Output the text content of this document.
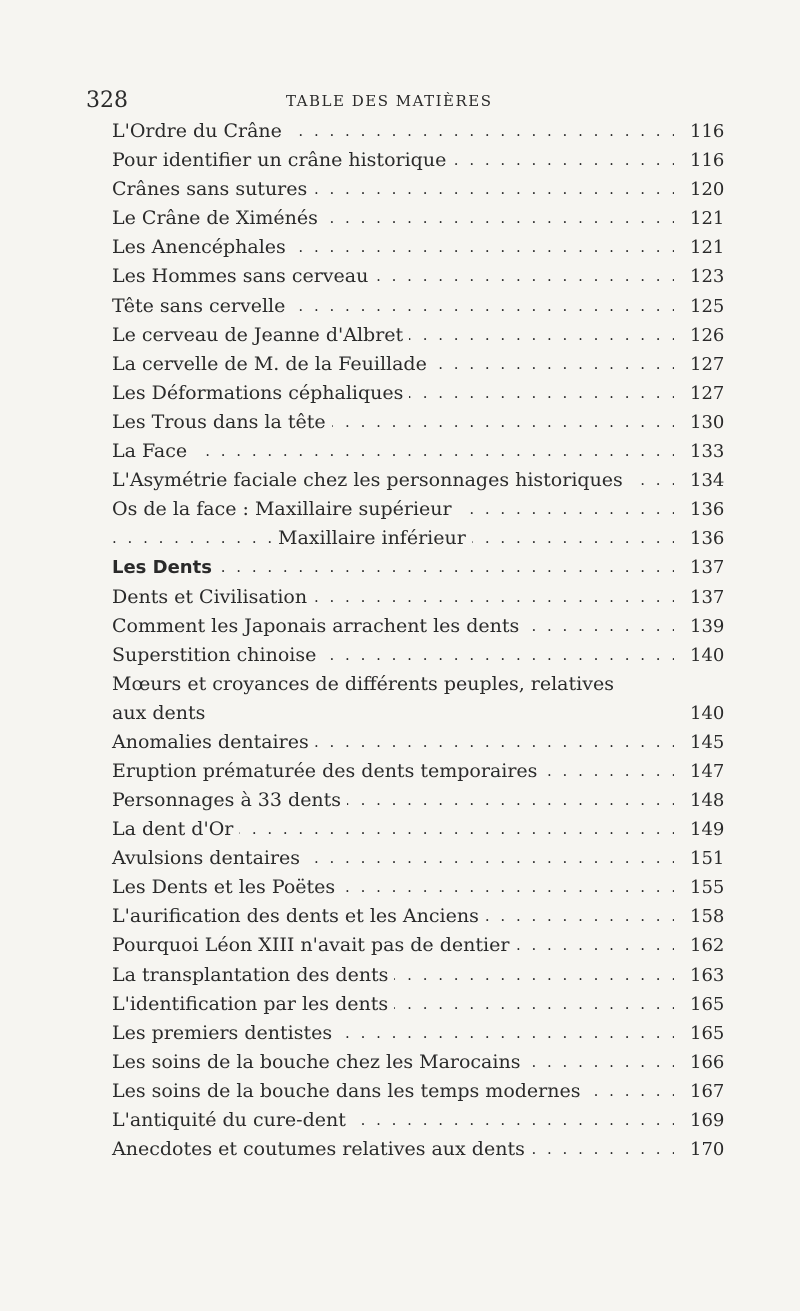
328	TABLE DES MATIÈRES
. . .
L'Ordre du Crâne	116
. . .
Pour identifier un crâne historique	116
. . .
Crânes sans sutures	120
. . .
Le Crâne de Ximénés	121
. . .
Les Anencéphales	121
. . .
Les Hommes sans cerveau	123
. . .
Tête sans cervelle	125
. . .
Le cerveau de Jeanne d'Albret	126
. . .
La cervelle de M. de la Feuillade	127
. . .
Les Déformations céphaliques	127
. . .
Les Trous dans la tête	130
. . .
La Face	133
. . .
L'Asymétrie faciale chez les personnages historiques	134
. . .
Os de la face : Maxillaire supérieur	136
. . .
Maxillaire inférieur	136
. . .
Les Dents	137
. . .
Dents et Civilisation	137
. . .
Comment les Japonais arrachent les dents	139
. . .
Superstition chinoise	140
. . .
Mœurs et croyances de différents peuples, relatives
aux dents	140
. . .
Anomalies dentaires	145
. . .
Eruption prématurée des dents temporaires	147
. . .
Personnages à 33 dents	148
. . .
La dent d'Or	149
. . .
Avulsions dentaires	151
. . .
Les Dents et les Poëtes	155
. . .
L'aurification des dents et les Anciens	158
. . .
Pourquoi Léon XIII n'avait pas de dentier	162
. . .
La transplantation des dents	163
. . .
L'identification par les dents	165
. . .
Les premiers dentistes	165
. . .
Les soins de la bouche chez les Marocains	166
. . .
Les soins de la bouche dans les temps modernes	167
. . .
L'antiquité du cure-dent	169
. . .
Anecdotes et coutumes relatives aux dents	170
